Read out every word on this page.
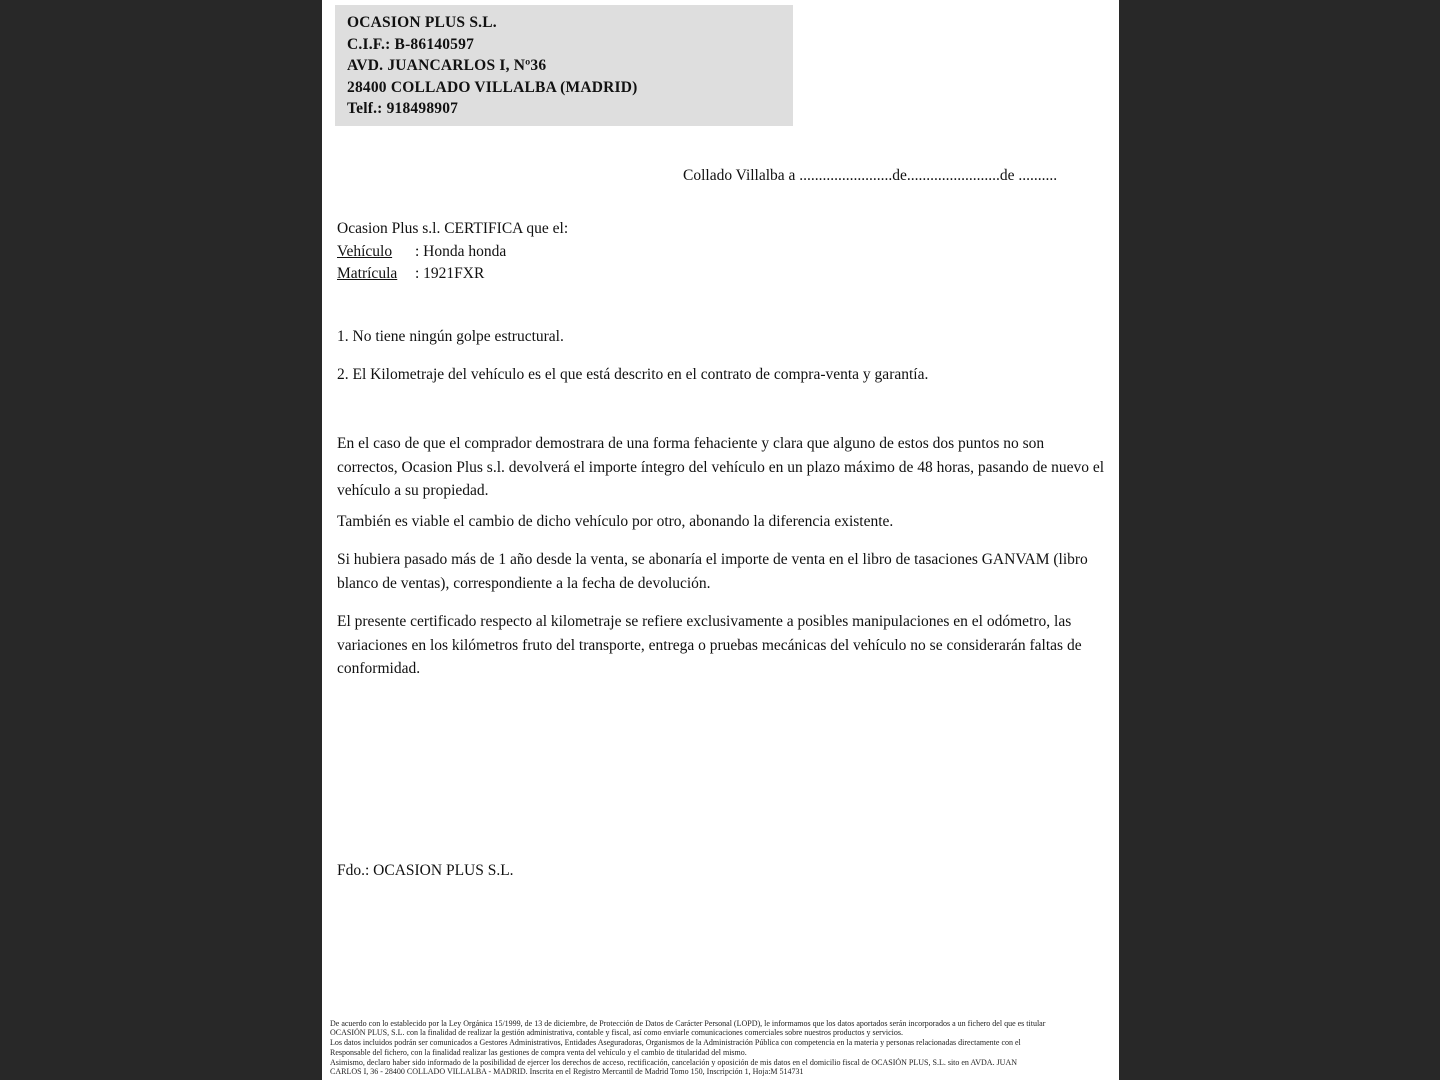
OCASION PLUS S.L.
C.I.F.: B-86140597
AVD. JUANCARLOS I, Nº36
28400 COLLADO VILLALBA (MADRID)
Telf.: 918498907
Collado Villalba a ........................de........................de ..........
Ocasion Plus s.l. CERTIFICA que el:
Vehículo : Honda honda
Matrícula : 1921FXR
1. No tiene ningún golpe estructural.
2. El Kilometraje del vehículo es el que está descrito en el contrato de compra-venta y garantía.
En el caso de que el comprador demostrara de una forma fehaciente y clara que alguno de estos dos puntos no son correctos, Ocasion Plus s.l. devolverá el importe íntegro del vehículo en un plazo máximo de 48 horas, pasando de nuevo el vehículo a su propiedad.
También es viable el cambio de dicho vehículo por otro, abonando la diferencia existente.
Si hubiera pasado más de 1 año desde la venta, se abonaría el importe de venta en el libro de tasaciones GANVAM (libro blanco de ventas), correspondiente a la fecha de devolución.
El presente certificado respecto al kilometraje se refiere exclusivamente a posibles manipulaciones en el odómetro, las variaciones en los kilómetros fruto del transporte, entrega o pruebas mecánicas del vehículo no se considerarán faltas de conformidad.
Fdo.: OCASION PLUS S.L.
De acuerdo con lo establecido por la Ley Orgánica 15/1999, de 13 de diciembre, de Protección de Datos de Carácter Personal (LOPD), le informamos que los datos aportados serán incorporados a un fichero del que es titular
OCASIÓN PLUS, S.L. con la finalidad de realizar la gestión administrativa, contable y fiscal, así como enviarle comunicaciones comerciales sobre nuestros productos y servicios.
Los datos incluidos podrán ser comunicados a Gestores Administrativos, Entidades Aseguradoras, Organismos de la Administración Pública con competencia en la materia y personas relacionadas directamente con el
Responsable del fichero, con la finalidad realizar las gestiones de compra venta del vehículo y el cambio de titularidad del mismo.
Asimismo, declaro haber sido informado de la posibilidad de ejercer los derechos de acceso, rectificación, cancelación y oposición de mis datos en el domicilio fiscal de OCASIÓN PLUS, S.L. sito en AVDA. JUAN
CARLOS I, 36 - 28400 COLLADO VILLALBA - MADRID. Inscrita en el Registro Mercantil de Madrid Tomo 150, Inscripción 1, Hoja:M 514731
